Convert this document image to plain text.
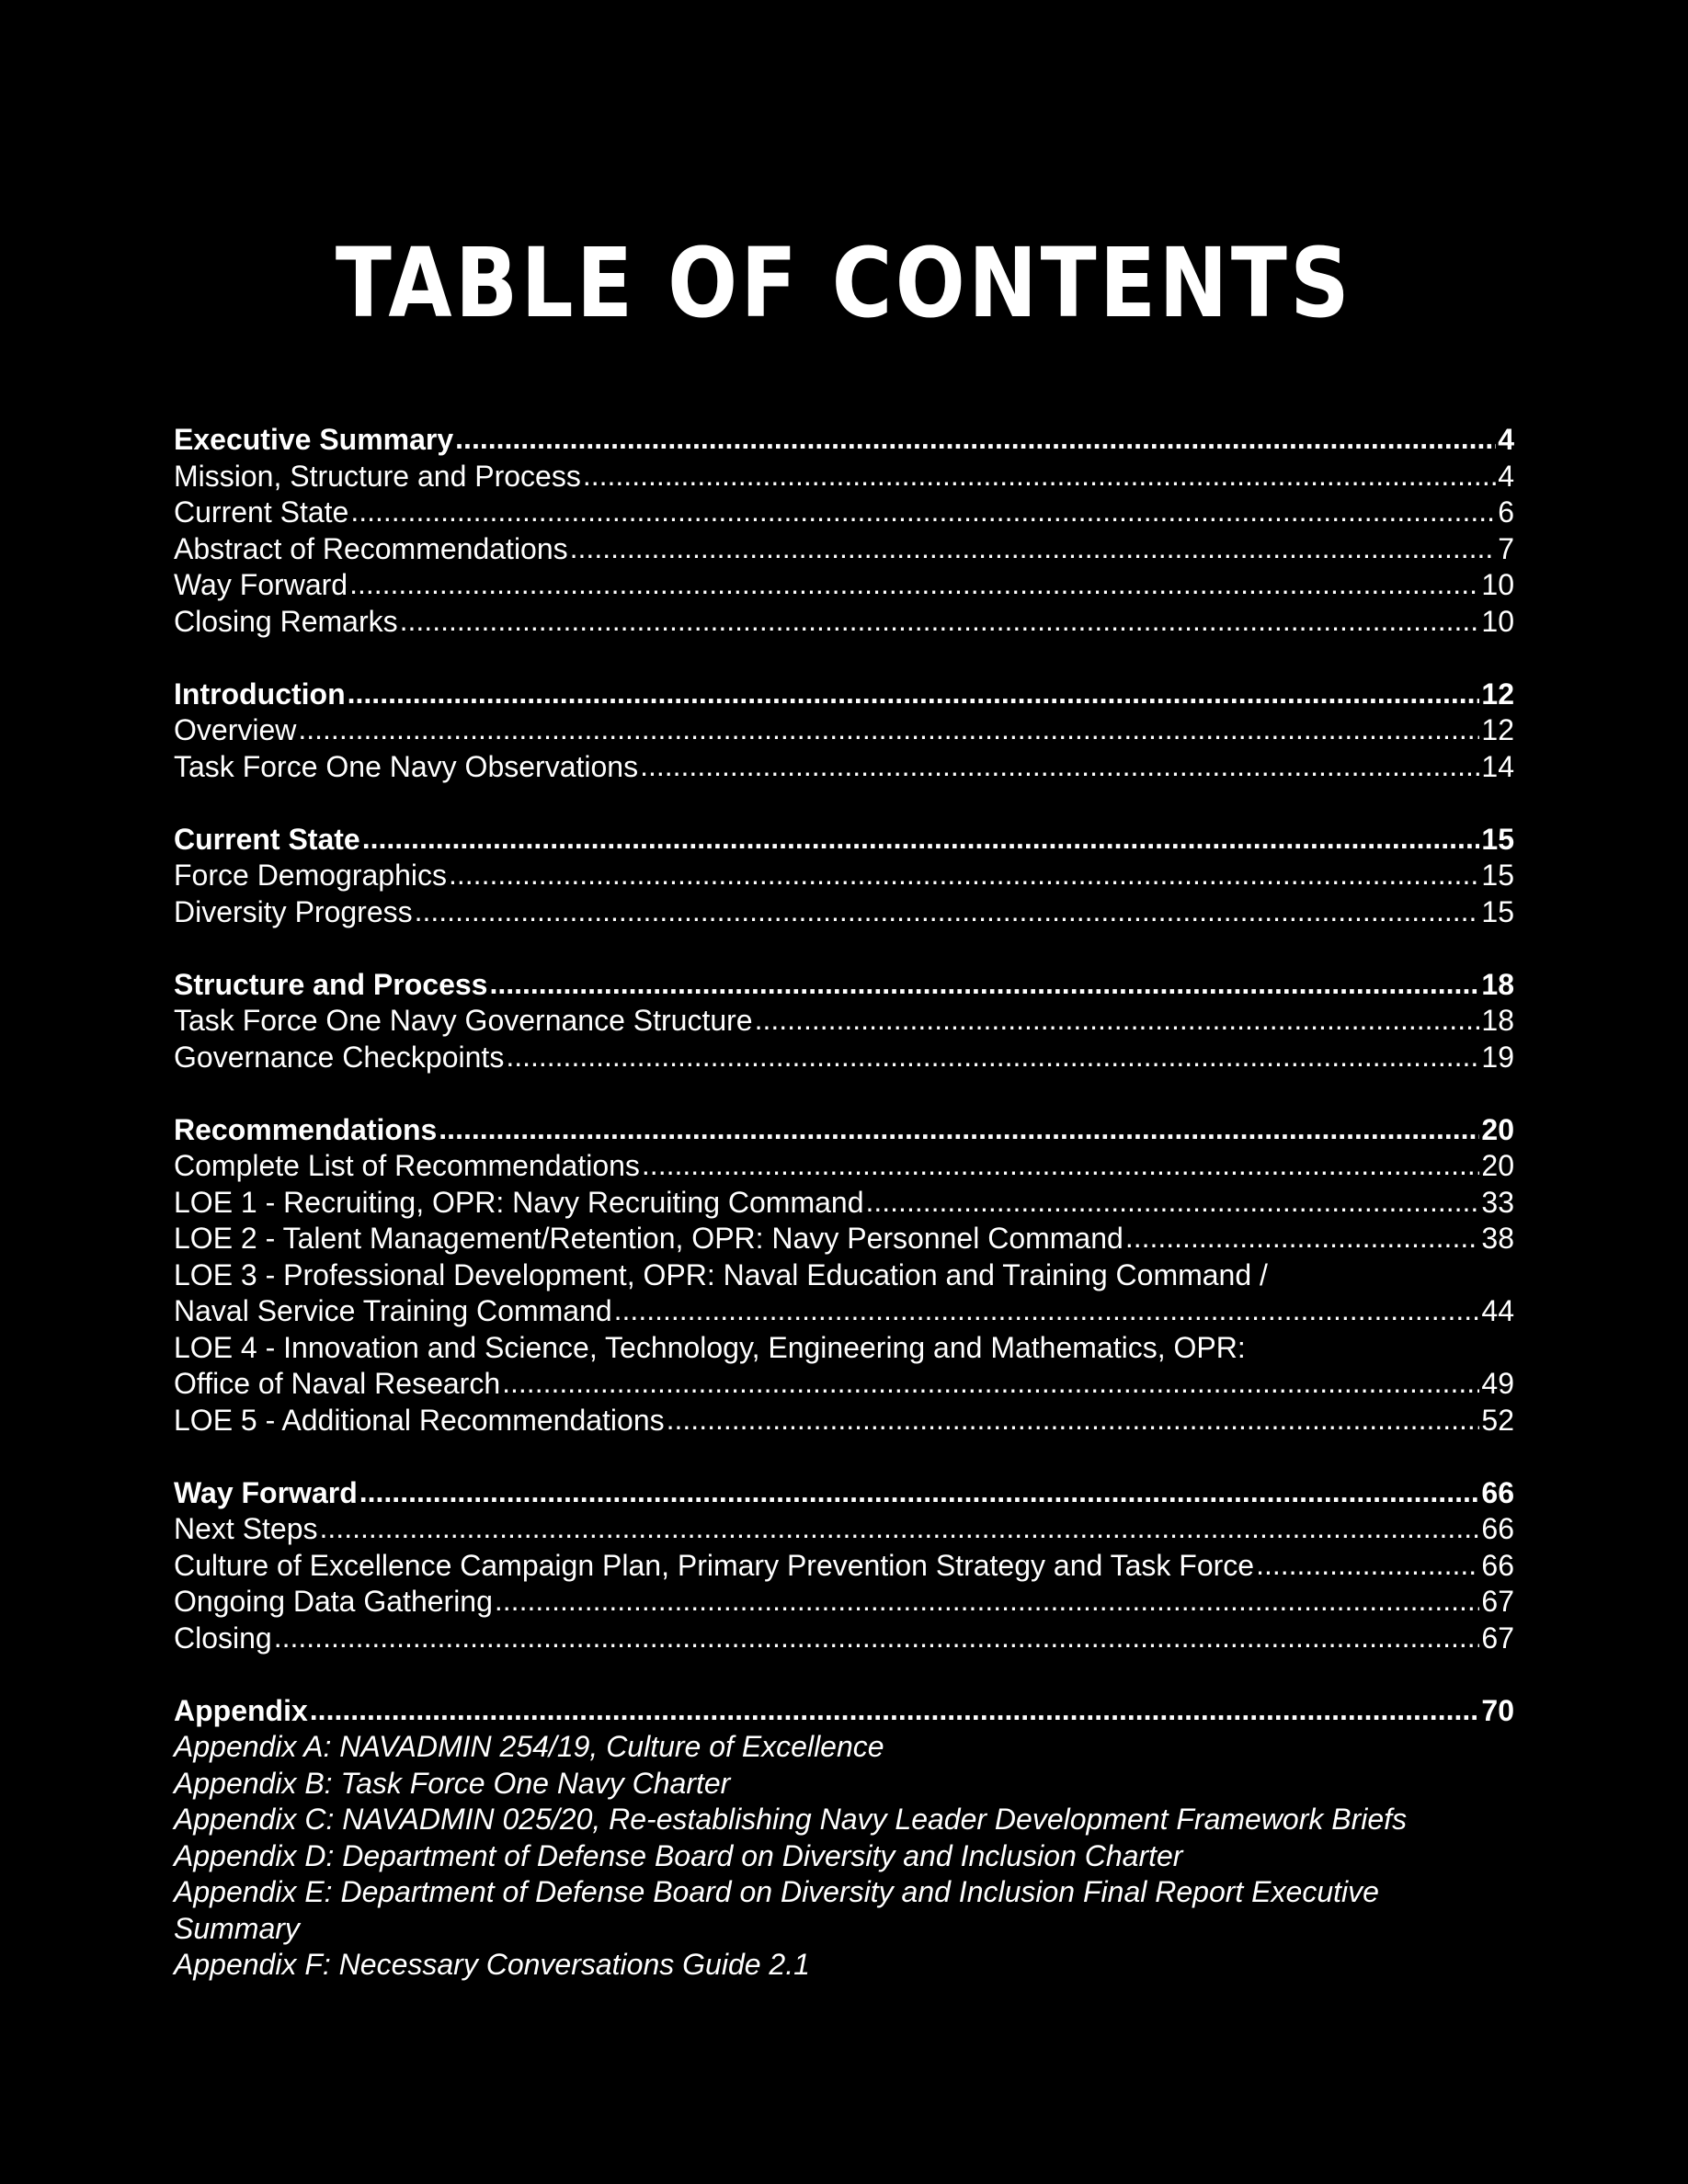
TABLE OF CONTENTS
Executive Summary .....	4
Mission, Structure and Process .....	4
Current State .....	6
Abstract of Recommendations .....	7
Way Forward .....	10
Closing Remarks .....	10
Introduction .....	12
Overview .....	12
Task Force One Navy Observations .....	14
Current State .....	15
Force Demographics .....	15
Diversity Progress .....	15
Structure and Process .....	18
Task Force One Navy Governance Structure .....	18
Governance Checkpoints .....	19
Recommendations .....	20
Complete List of Recommendations .....	20
LOE 1 - Recruiting, OPR: Navy Recruiting Command .....	33
LOE 2 - Talent Management/Retention, OPR: Navy Personnel Command .....	38
LOE 3 - Professional Development, OPR: Naval Education and Training Command /
Naval Service Training Command .....	44
LOE 4 - Innovation and Science, Technology, Engineering and Mathematics, OPR:
Office of Naval Research .....	49
LOE 5 - Additional Recommendations .....	52
Way Forward .....	66
Next Steps .....	66
Culture of Excellence Campaign Plan, Primary Prevention Strategy and Task Force .....	66
Ongoing Data Gathering .....	67
Closing .....	67
Appendix .....	70
Appendix A: NAVADMIN 254/19, Culture of Excellence
Appendix B: Task Force One Navy Charter
Appendix C: NAVADMIN 025/20, Re-establishing Navy Leader Development Framework Briefs
Appendix D: Department of Defense Board on Diversity and Inclusion Charter
Appendix E: Department of Defense Board on Diversity and Inclusion Final Report Executive
Summary
Appendix F: Necessary Conversations Guide 2.1
